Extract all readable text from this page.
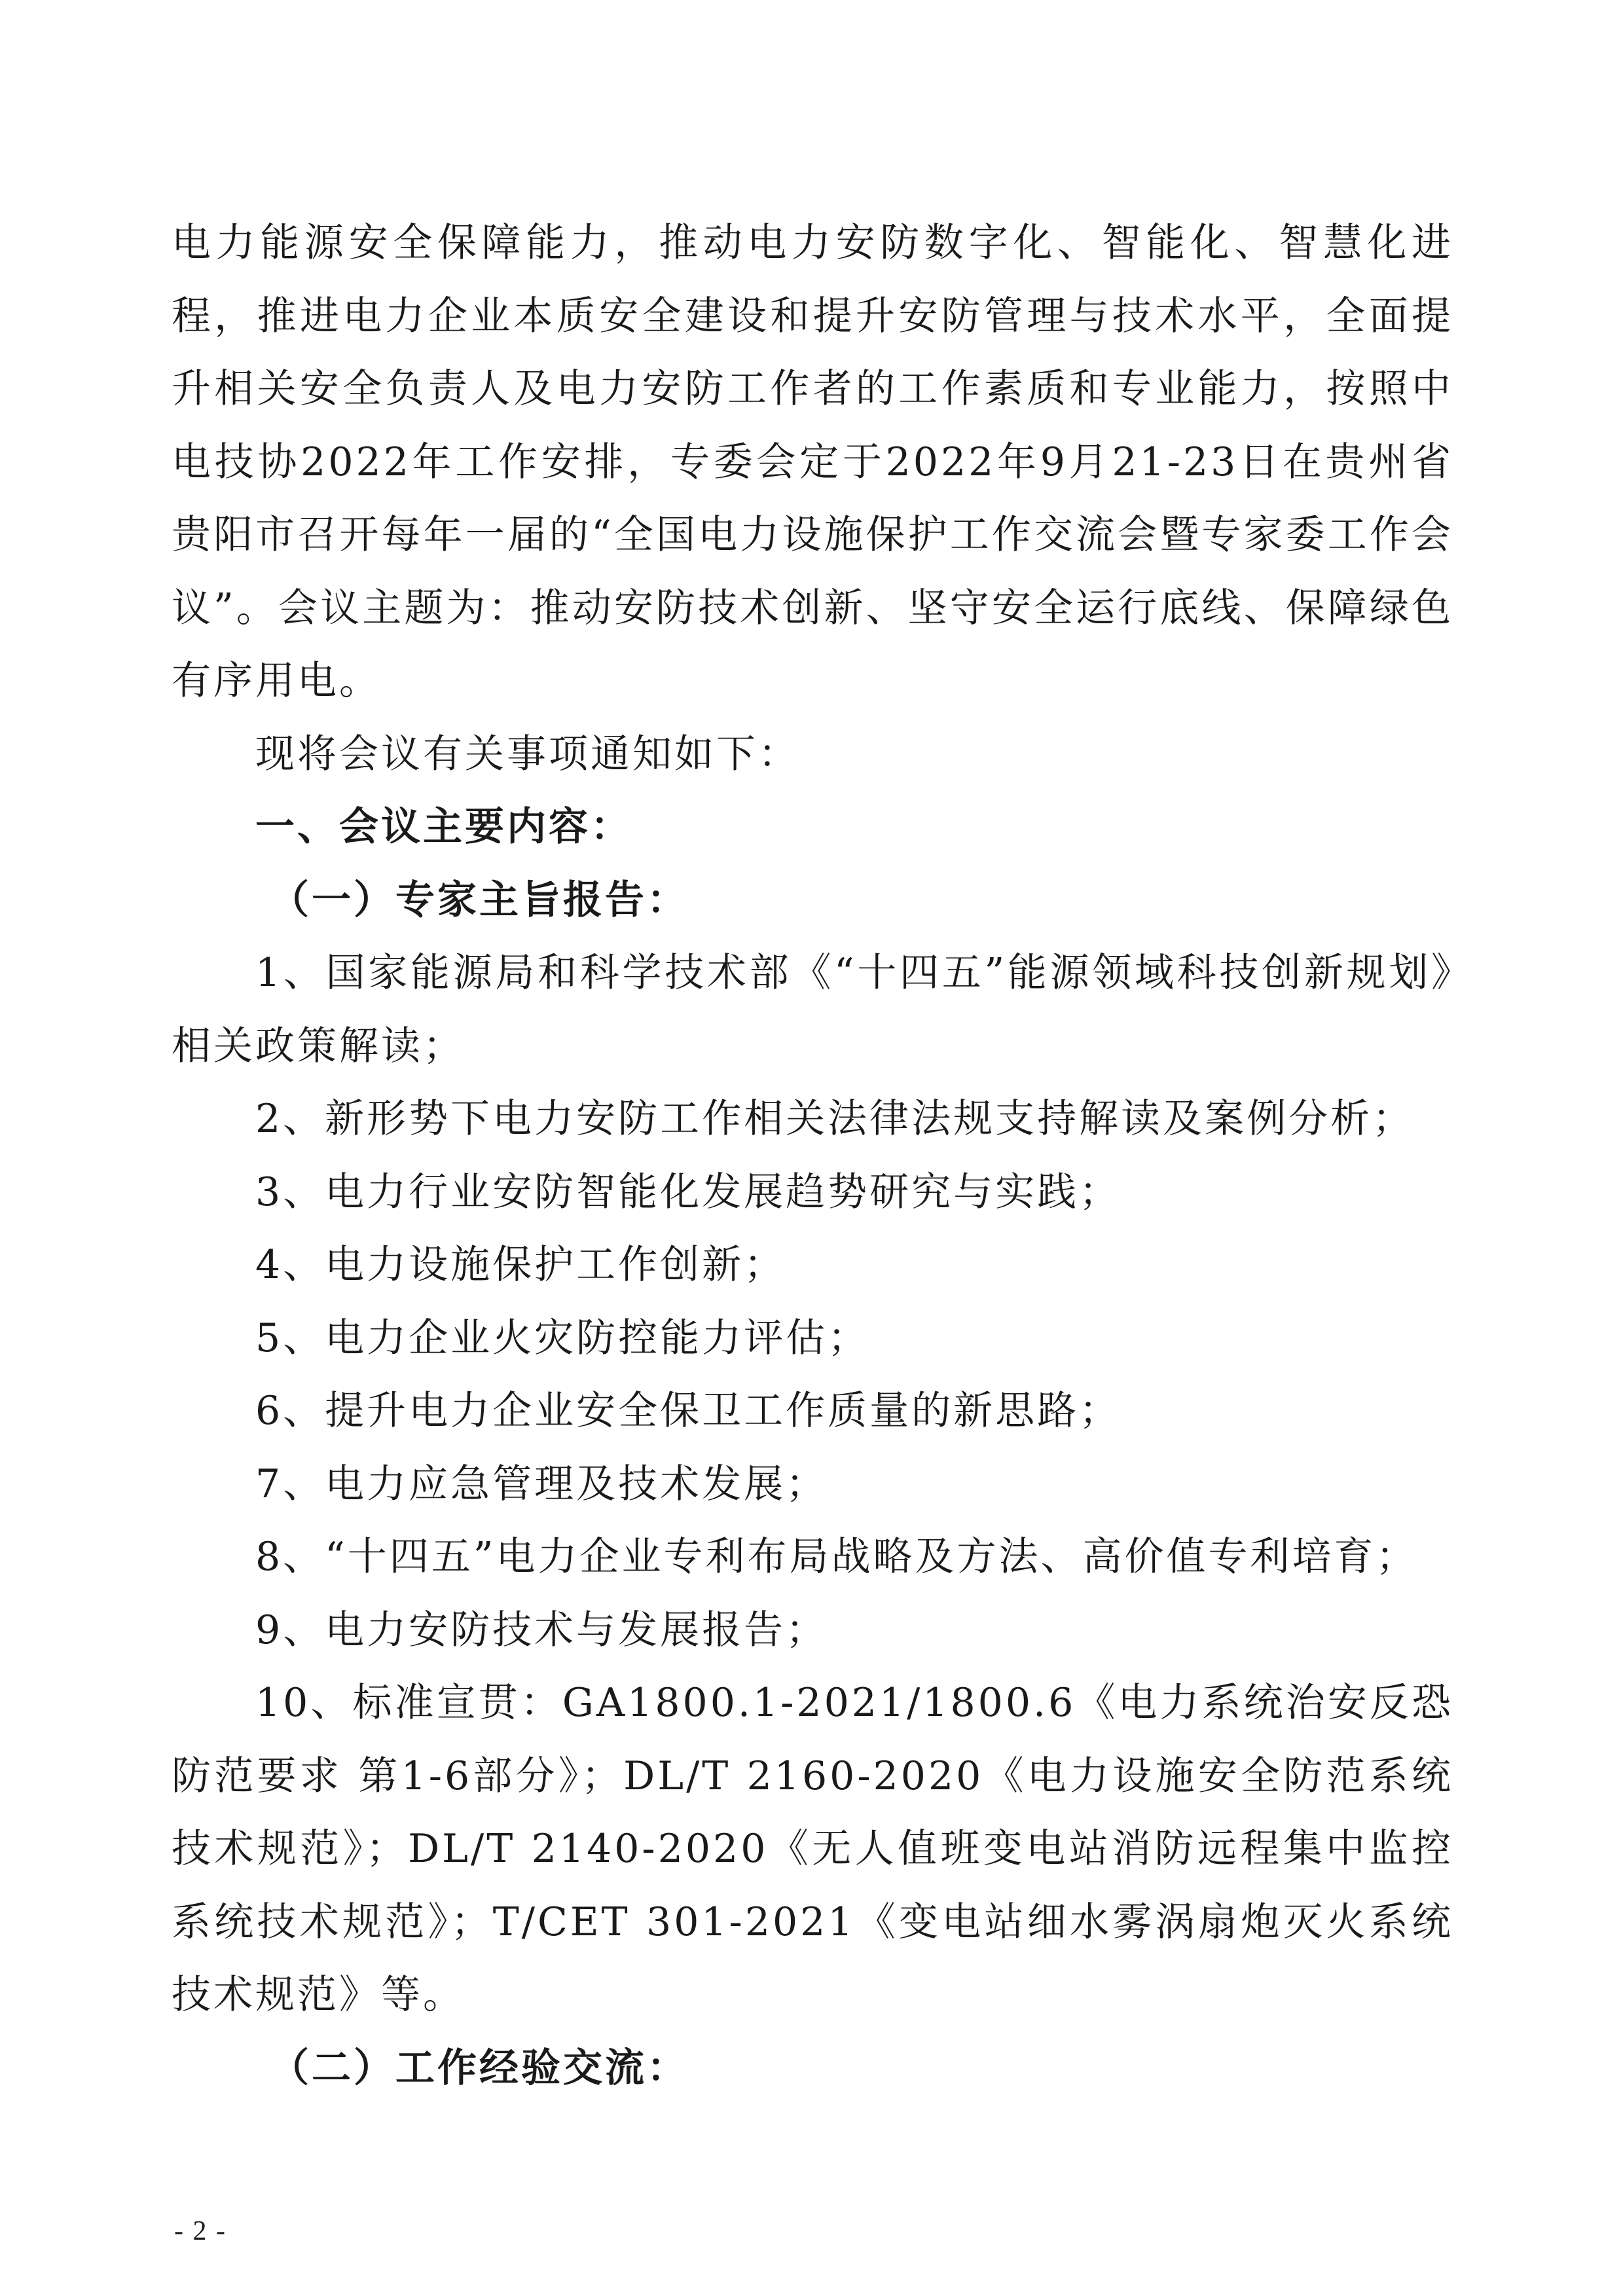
电力能源安全保障能力，推动电力安防数字化、智能化、智慧化进程，推进电力企业本质安全建设和提升安防管理与技术水平，全面提升相关安全负责人及电力安防工作者的工作素质和专业能力，按照中电技协2022年工作安排，专委会定于2022年9月21-23日在贵州省贵阳市召开每年一届的“全国电力设施保护工作交流会暨专家委工作会议”。会议主题为：推动安防技术创新、坚守安全运行底线、保障绿色有序用电。

现将会议有关事项通知如下：

一、会议主要内容：

（一）专家主旨报告：

1、国家能源局和科学技术部《“十四五”能源领域科技创新规划》相关政策解读；

2、新形势下电力安防工作相关法律法规支持解读及案例分析；

3、电力行业安防智能化发展趋势研究与实践；

4、电力设施保护工作创新；

5、电力企业火灾防控能力评估；

6、提升电力企业安全保卫工作质量的新思路；

7、电力应急管理及技术发展；

8、“十四五”电力企业专利布局战略及方法、高价值专利培育；

9、电力安防技术与发展报告；

10、标准宣贯：GA1800.1-2021/1800.6《电力系统治安反恐防范要求 第1-6部分》；DL/T 2160-2020《电力设施安全防范系统技术规范》；DL/T 2140-2020《无人值班变电站消防远程集中监控系统技术规范》；T/CET 301-2021《变电站细水雾涡扇炮灭火系统技术规范》等。

（二）工作经验交流：

- 2 -
